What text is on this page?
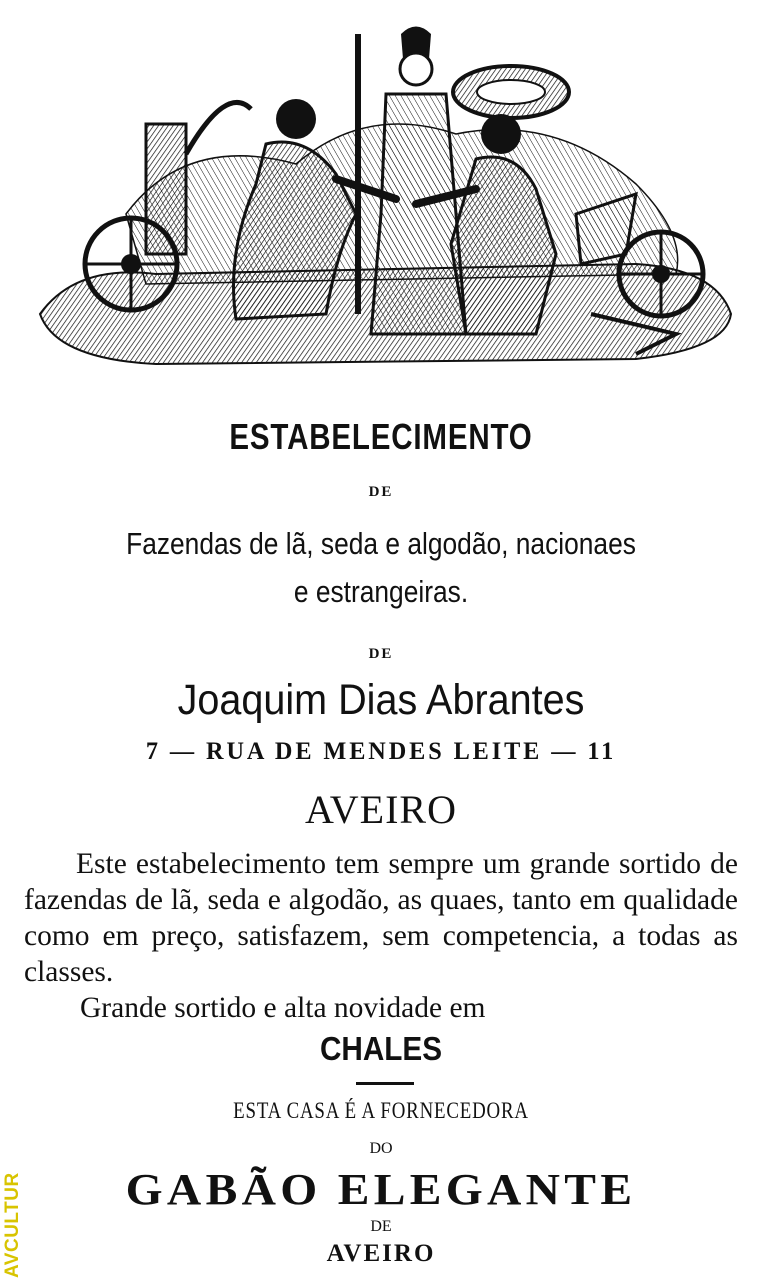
ESTABELECIMENTO
DE
Fazendas de lã, seda e algodão, nacionaes
e estrangeiras.
DE
Joaquim Dias Abrantes
7 — RUA DE MENDES LEITE — 11
AVEIRO
Este estabelecimento tem sempre um grande sortido de fazendas de lã, seda e algodão, as quaes, tanto em qualidade como em preço, satisfazem, sem competencia, a todas as classes.
Grande sortido e alta novidade em
CHALES
ESTA CASA É A FORNECEDORA
DO
GABÃO ELEGANTE
DE
AVEIRO
AVCULTUR
